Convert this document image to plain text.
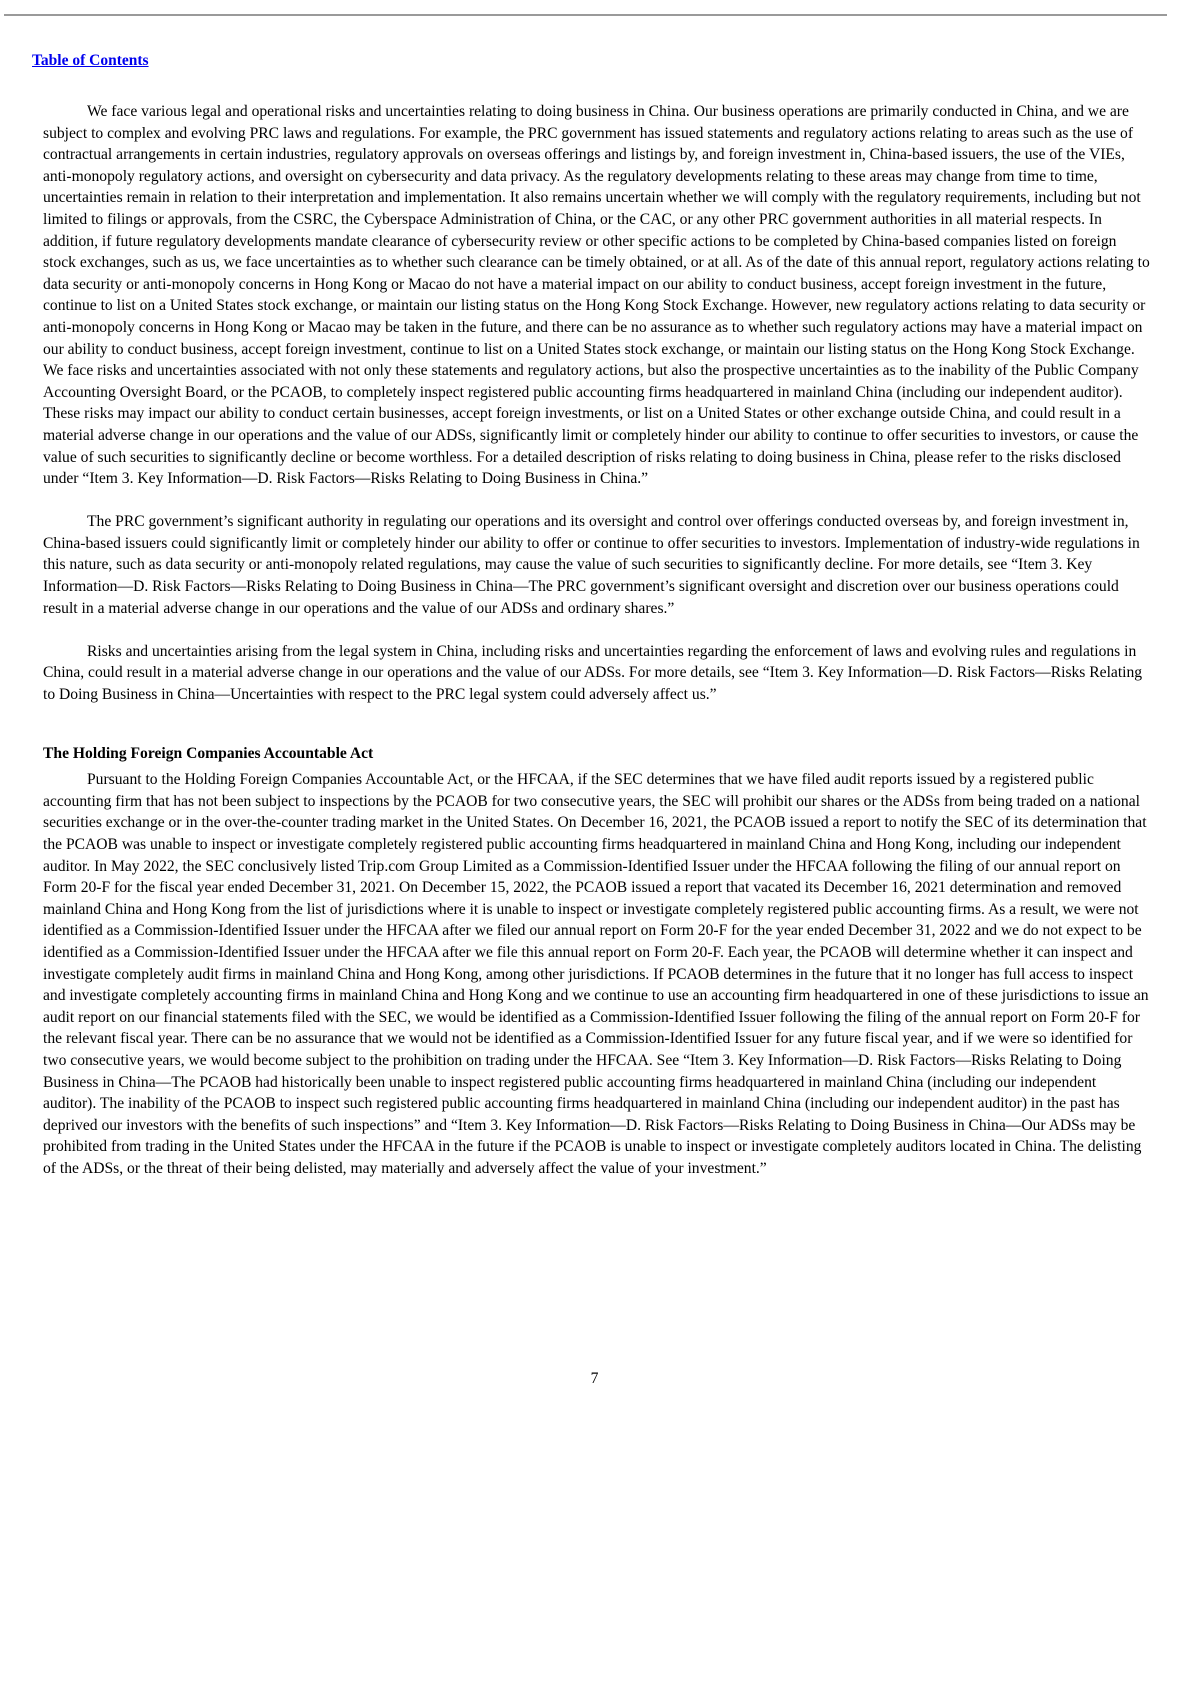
Table of Contents

We face various legal and operational risks and uncertainties relating to doing business in China. Our business operations are primarily conducted in China, and we are subject to complex and evolving PRC laws and regulations. For example, the PRC government has issued statements and regulatory actions relating to areas such as the use of contractual arrangements in certain industries, regulatory approvals on overseas offerings and listings by, and foreign investment in, China-based issuers, the use of the VIEs, anti-monopoly regulatory actions, and oversight on cybersecurity and data privacy. As the regulatory developments relating to these areas may change from time to time, uncertainties remain in relation to their interpretation and implementation. It also remains uncertain whether we will comply with the regulatory requirements, including but not limited to filings or approvals, from the CSRC, the Cyberspace Administration of China, or the CAC, or any other PRC government authorities in all material respects. In addition, if future regulatory developments mandate clearance of cybersecurity review or other specific actions to be completed by China-based companies listed on foreign stock exchanges, such as us, we face uncertainties as to whether such clearance can be timely obtained, or at all. As of the date of this annual report, regulatory actions relating to data security or anti-monopoly concerns in Hong Kong or Macao do not have a material impact on our ability to conduct business, accept foreign investment in the future, continue to list on a United States stock exchange, or maintain our listing status on the Hong Kong Stock Exchange. However, new regulatory actions relating to data security or anti-monopoly concerns in Hong Kong or Macao may be taken in the future, and there can be no assurance as to whether such regulatory actions may have a material impact on our ability to conduct business, accept foreign investment, continue to list on a United States stock exchange, or maintain our listing status on the Hong Kong Stock Exchange. We face risks and uncertainties associated with not only these statements and regulatory actions, but also the prospective uncertainties as to the inability of the Public Company Accounting Oversight Board, or the PCAOB, to completely inspect registered public accounting firms headquartered in mainland China (including our independent auditor). These risks may impact our ability to conduct certain businesses, accept foreign investments, or list on a United States or other exchange outside China, and could result in a material adverse change in our operations and the value of our ADSs, significantly limit or completely hinder our ability to continue to offer securities to investors, or cause the value of such securities to significantly decline or become worthless. For a detailed description of risks relating to doing business in China, please refer to the risks disclosed under “Item 3. Key Information—D. Risk Factors—Risks Relating to Doing Business in China.”

The PRC government’s significant authority in regulating our operations and its oversight and control over offerings conducted overseas by, and foreign investment in, China-based issuers could significantly limit or completely hinder our ability to offer or continue to offer securities to investors. Implementation of industry-wide regulations in this nature, such as data security or anti-monopoly related regulations, may cause the value of such securities to significantly decline. For more details, see “Item 3. Key Information—D. Risk Factors—Risks Relating to Doing Business in China—The PRC government’s significant oversight and discretion over our business operations could result in a material adverse change in our operations and the value of our ADSs and ordinary shares.”

Risks and uncertainties arising from the legal system in China, including risks and uncertainties regarding the enforcement of laws and evolving rules and regulations in China, could result in a material adverse change in our operations and the value of our ADSs. For more details, see “Item 3. Key Information—D. Risk Factors—Risks Relating to Doing Business in China—Uncertainties with respect to the PRC legal system could adversely affect us.”

The Holding Foreign Companies Accountable Act

Pursuant to the Holding Foreign Companies Accountable Act, or the HFCAA, if the SEC determines that we have filed audit reports issued by a registered public accounting firm that has not been subject to inspections by the PCAOB for two consecutive years, the SEC will prohibit our shares or the ADSs from being traded on a national securities exchange or in the over-the-counter trading market in the United States. On December 16, 2021, the PCAOB issued a report to notify the SEC of its determination that the PCAOB was unable to inspect or investigate completely registered public accounting firms headquartered in mainland China and Hong Kong, including our independent auditor. In May 2022, the SEC conclusively listed Trip.com Group Limited as a Commission-Identified Issuer under the HFCAA following the filing of our annual report on Form 20-F for the fiscal year ended December 31, 2021. On December 15, 2022, the PCAOB issued a report that vacated its December 16, 2021 determination and removed mainland China and Hong Kong from the list of jurisdictions where it is unable to inspect or investigate completely registered public accounting firms. As a result, we were not identified as a Commission-Identified Issuer under the HFCAA after we filed our annual report on Form 20-F for the year ended December 31, 2022 and we do not expect to be identified as a Commission-Identified Issuer under the HFCAA after we file this annual report on Form 20-F. Each year, the PCAOB will determine whether it can inspect and investigate completely audit firms in mainland China and Hong Kong, among other jurisdictions. If PCAOB determines in the future that it no longer has full access to inspect and investigate completely accounting firms in mainland China and Hong Kong and we continue to use an accounting firm headquartered in one of these jurisdictions to issue an audit report on our financial statements filed with the SEC, we would be identified as a Commission-Identified Issuer following the filing of the annual report on Form 20-F for the relevant fiscal year. There can be no assurance that we would not be identified as a Commission-Identified Issuer for any future fiscal year, and if we were so identified for two consecutive years, we would become subject to the prohibition on trading under the HFCAA. See “Item 3. Key Information—D. Risk Factors—Risks Relating to Doing Business in China—The PCAOB had historically been unable to inspect registered public accounting firms headquartered in mainland China (including our independent auditor). The inability of the PCAOB to inspect such registered public accounting firms headquartered in mainland China (including our independent auditor) in the past has deprived our investors with the benefits of such inspections” and “Item 3. Key Information—D. Risk Factors—Risks Relating to Doing Business in China—Our ADSs may be prohibited from trading in the United States under the HFCAA in the future if the PCAOB is unable to inspect or investigate completely auditors located in China. The delisting of the ADSs, or the threat of their being delisted, may materially and adversely affect the value of your investment.”

7
